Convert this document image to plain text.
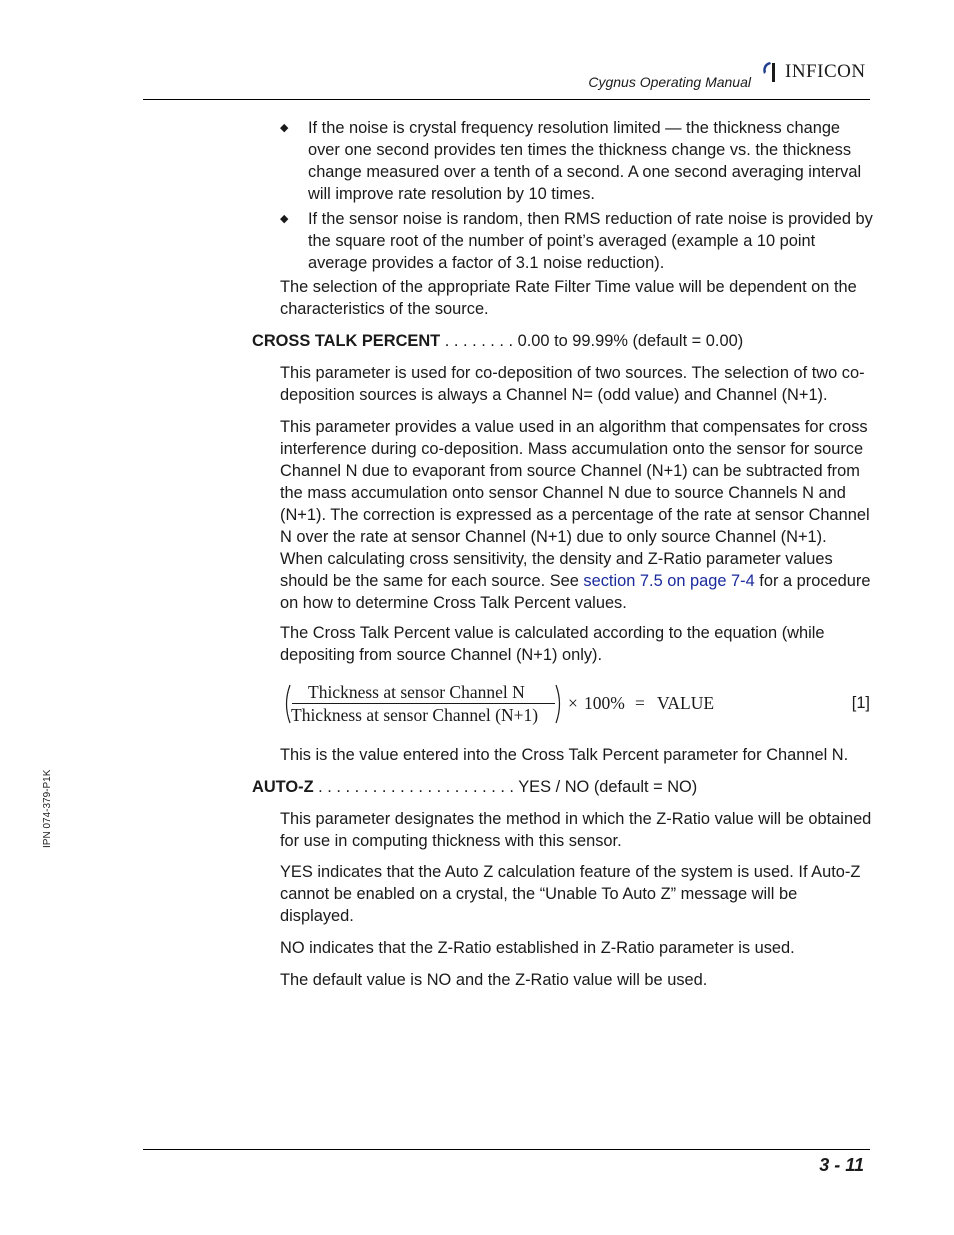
Cygnus Operating Manual INFICON
◆	If the noise is crystal frequency resolution limited — the thickness change over one second provides ten times the thickness change vs. the thickness change measured over a tenth of a second. A one second averaging interval will improve rate resolution by 10 times.
◆	If the sensor noise is random, then RMS reduction of rate noise is provided by the square root of the number of point’s averaged (example a 10 point average provides a factor of 3.1 noise reduction).
The selection of the appropriate Rate Filter Time value will be dependent on the characteristics of the source.
CROSS TALK PERCENT . . . . . . . . 0.00 to 99.99% (default = 0.00)
This parameter is used for co-deposition of two sources. The selection of two co-deposition sources is always a Channel N= (odd value) and Channel (N+1).
This parameter provides a value used in an algorithm that compensates for cross interference during co-deposition. Mass accumulation onto the sensor for source Channel N due to evaporant from source Channel (N+1) can be subtracted from the mass accumulation onto sensor Channel N due to source Channels N and (N+1). The correction is expressed as a percentage of the rate at sensor Channel N over the rate at sensor Channel (N+1) due to only source Channel (N+1). When calculating cross sensitivity, the density and Z-Ratio parameter values should be the same for each source. See section 7.5 on page 7-4 for a procedure on how to determine Cross Talk Percent values.
The Cross Talk Percent value is calculated according to the equation (while depositing from source Channel (N+1) only).
Thickness at sensor Channel N
Thickness at sensor Channel (N+1)
× 100% = VALUE	[1]
This is the value entered into the Cross Talk Percent parameter for Channel N.
AUTO-Z . . . . . . . . . . . . . . . . . . . . . . YES / NO (default = NO)
This parameter designates the method in which the Z-Ratio value will be obtained for use in computing thickness with this sensor.
YES indicates that the Auto Z calculation feature of the system is used. If Auto-Z cannot be enabled on a crystal, the “Unable To Auto Z” message will be displayed.
NO indicates that the Z-Ratio established in Z-Ratio parameter is used.
The default value is NO and the Z-Ratio value will be used.
IPN 074-379-P1K
3 - 11
